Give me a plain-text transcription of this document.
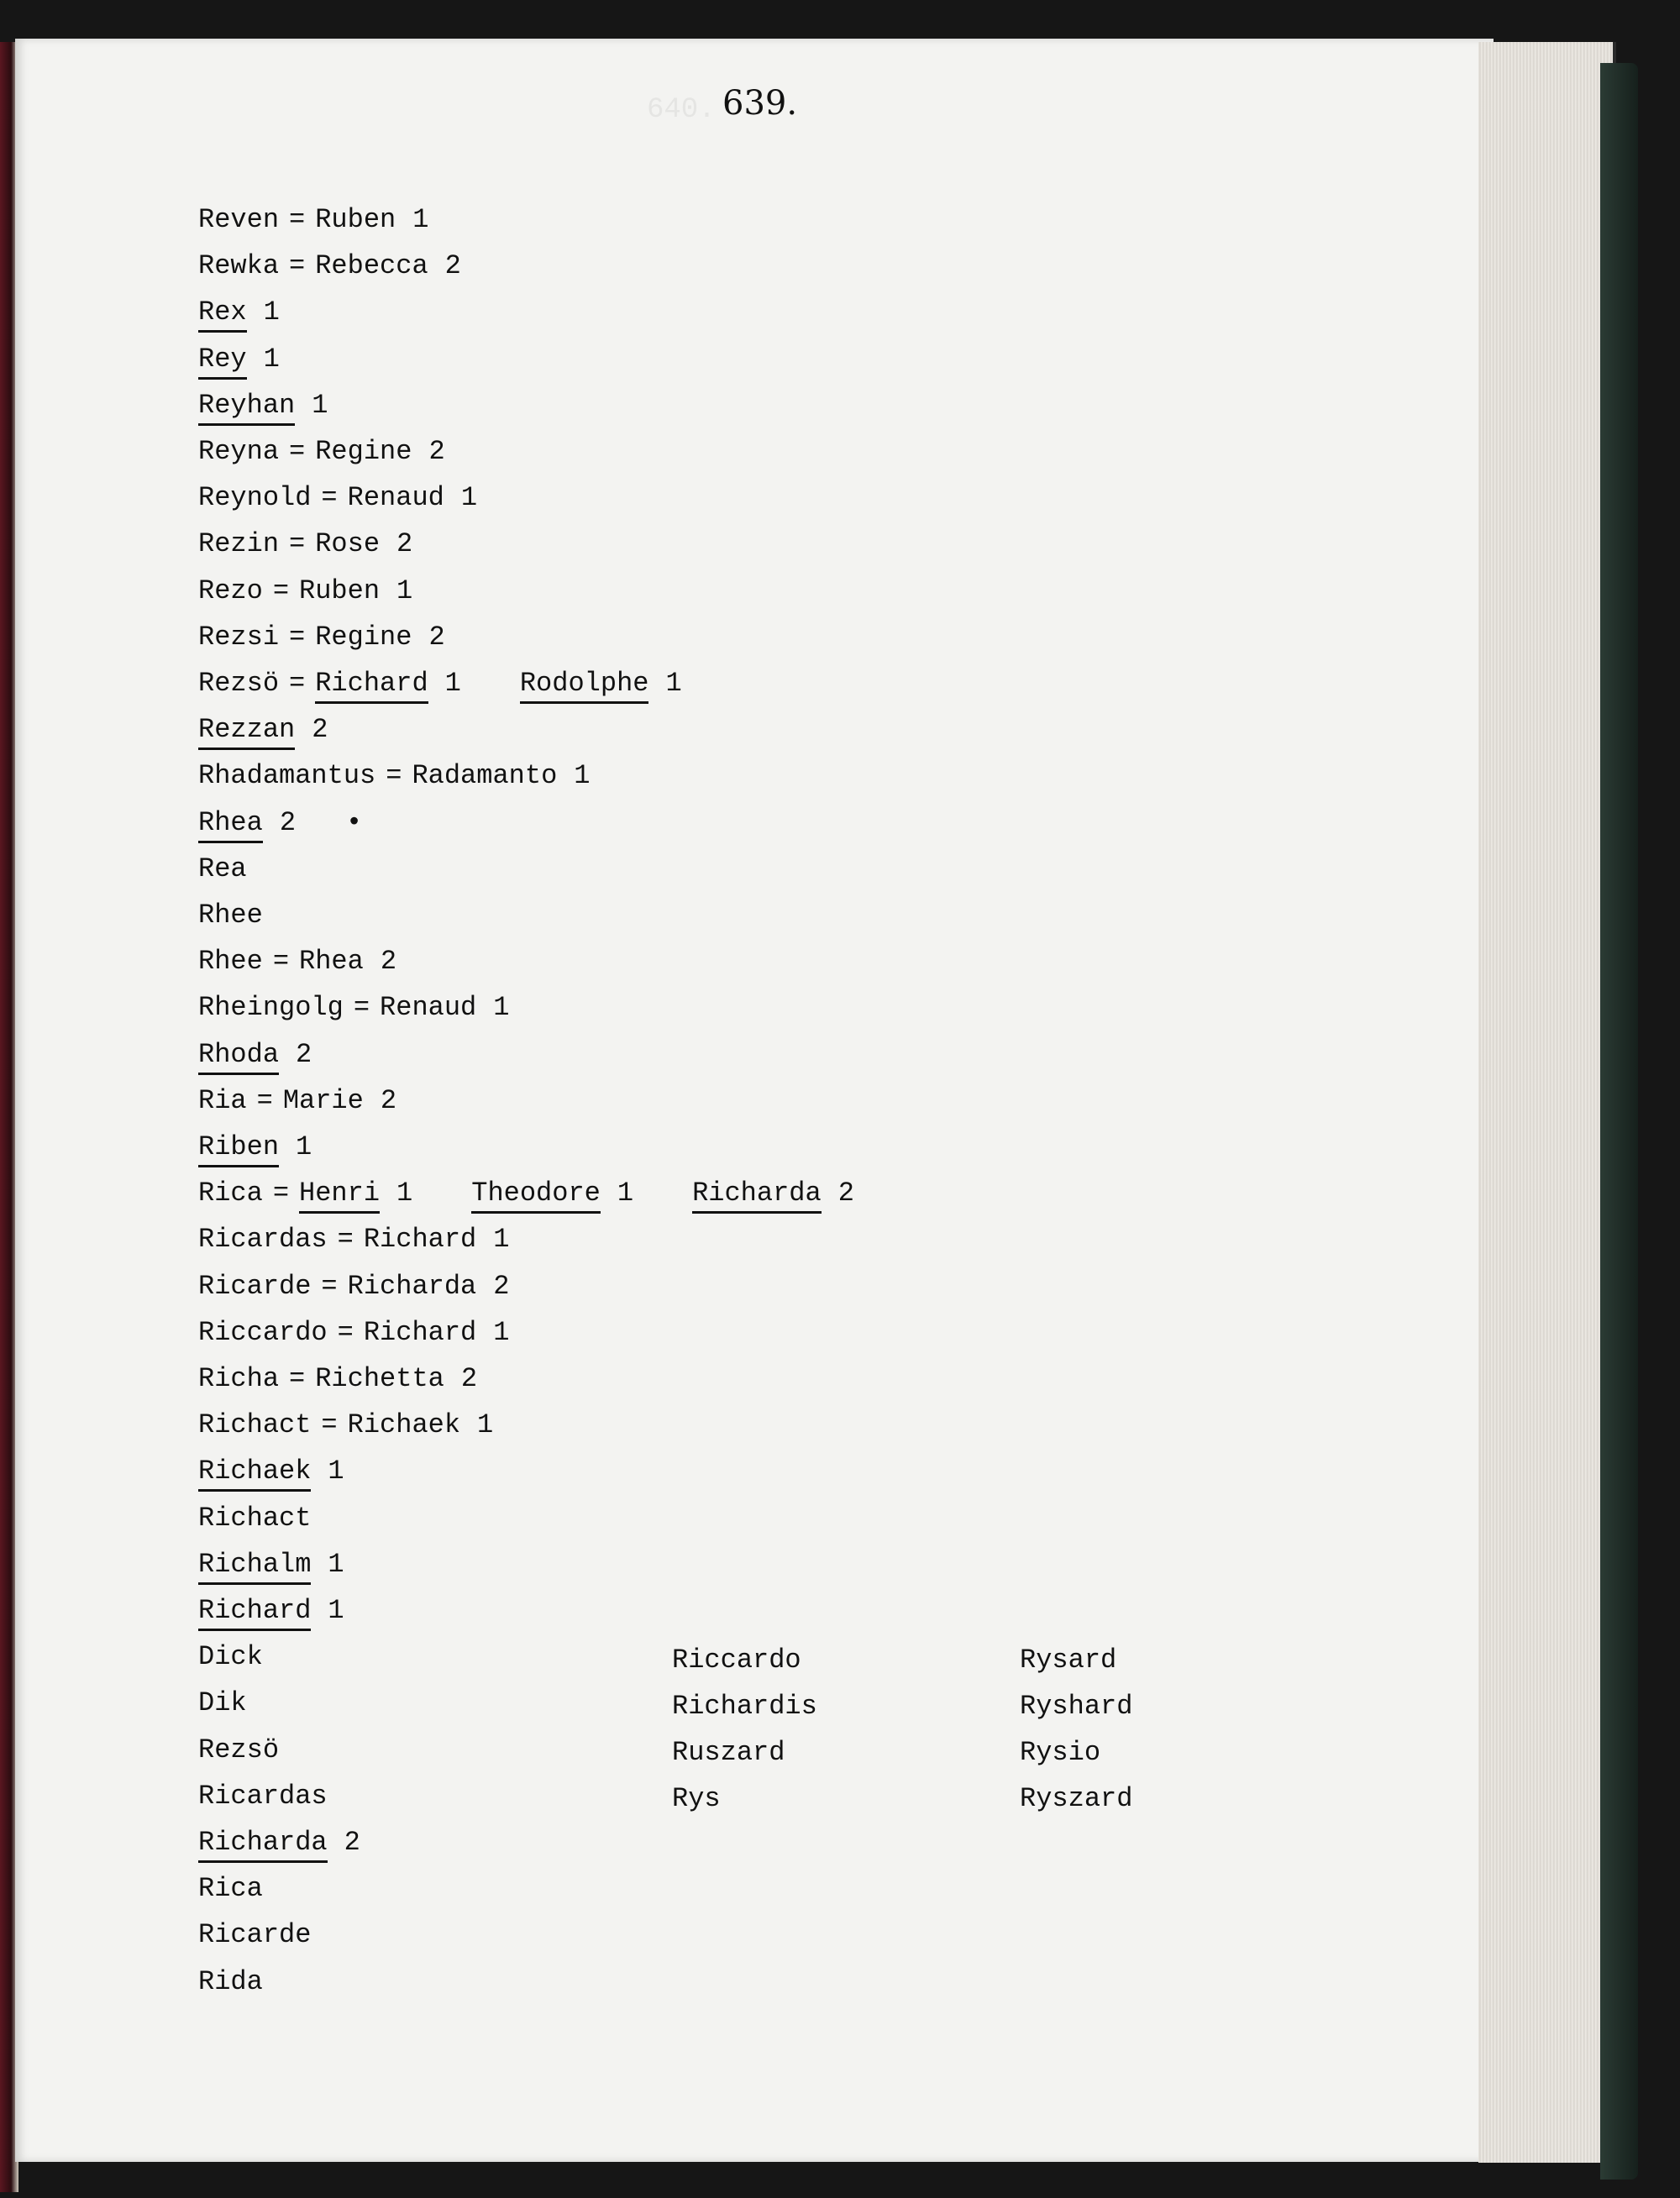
640. 639.
Reven = Ruben 1
Rewka = Rebecca 2
Rex 1
Rey 1
Reyhan 1
Reyna = Regine 2
Reynold = Renaud 1
Rezin = Rose 2
Rezo = Ruben 1
Rezsi = Regine 2
Rezsö = Richard 1 Rodolphe 1
Rezzan 2
Rhadamantus = Radamanto 1
Rhea 2 •
Rea
Rhee
Rhee = Rhea 2
Rheingolg = Renaud 1
Rhoda 2
Ria = Marie 2
Riben 1
Rica = Henri 1 Theodore 1 Richarda 2
Ricardas = Richard 1
Ricarde = Richarda 2
Riccardo = Richard 1
Richa = Richetta 2
Richact = Richaek 1
Richaek 1
Richact
Richalm 1
Richard 1
Dick
Dik
Rezsö
Ricardas
Richarda 2
Rica
Ricarde
Rida
Riccardo
Richardis
Ruszard
Rys
Rysard
Ryshard
Rysio
Ryszard
